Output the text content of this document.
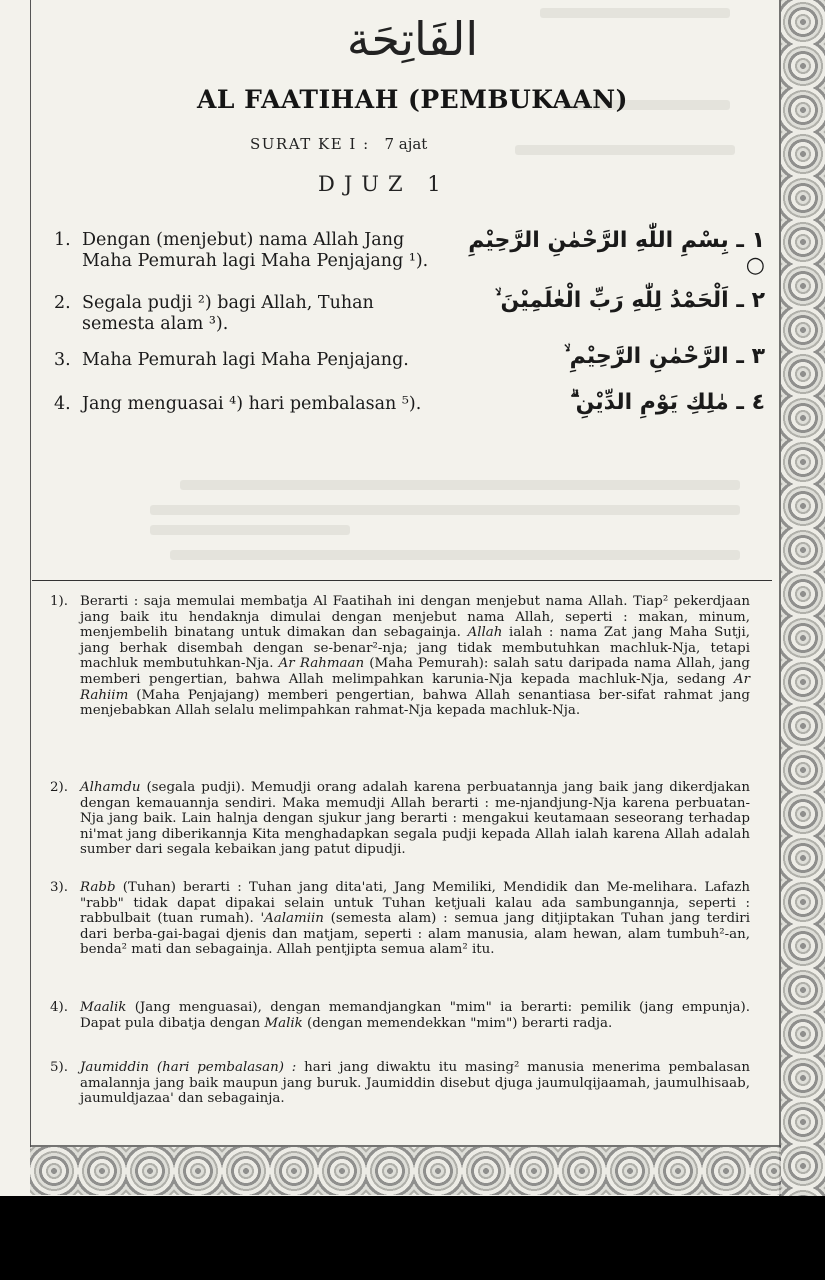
الفَاتِحَة
AL FAATIHAH (PEMBUKAAN)
SURAT KE I : 7 ajat
DJUZ 1
1. Dengan (menjebut) nama Allah Jang Maha Pemurah lagi Maha Penjajang ¹).
١ ـ بِسْمِ اللّٰهِ الرَّحْمٰنِ الرَّحِيْمِ ○
2. Segala pudji ²) bagi Allah, Tuhan semesta alam ³).
٢ ـ اَلْحَمْدُ لِلّٰهِ رَبِّ الْعٰلَمِيْنَ ۙ
3. Maha Pemurah lagi Maha Penjajang.	٣ ـ الرَّحْمٰنِ الرَّحِيْمِ ۙ
4. Jang menguasai ⁴) hari pembalasan ⁵).	٤ ـ مٰلِكِ يَوْمِ الدِّيْنِ ۗ
1). Berarti : saja memulai membatja Al Faatihah ini dengan menjebut nama Allah. Tiap² pekerdjaan jang baik itu hendaknja dimulai dengan menjebut nama Allah, seperti : makan, minum, menjembelih binatang untuk dimakan dan sebagainja. Allah ialah : nama Zat jang Maha Sutji, jang berhak disembah dengan se-benar²-nja; jang tidak membutuhkan machluk-Nja, tetapi machluk membutuhkan-Nja. Ar Rahmaan (Maha Pemurah): salah satu daripada nama Allah, jang memberi pengertian, bahwa Allah melimpahkan karunia-Nja kepada machluk-Nja, sedang Ar Rahiim (Maha Penjajang) memberi pengertian, bahwa Allah senantiasa ber-sifat rahmat jang menjebabkan Allah selalu melimpahkan rahmat-Nja kepada machluk-Nja.
2). Alhamdu (segala pudji). Memudji orang adalah karena perbuatannja jang baik jang dikerdjakan dengan kemauannja sendiri. Maka memudji Allah berarti : me-njandjung-Nja karena perbuatan-Nja jang baik. Lain halnja dengan sjukur jang berarti : mengakui keutamaan seseorang terhadap ni'mat jang diberikannja Kita menghadapkan segala pudji kepada Allah ialah karena Allah adalah sumber dari segala kebaikan jang patut dipudji.
3). Rabb (Tuhan) berarti : Tuhan jang dita'ati, Jang Memiliki, Mendidik dan Me-melihara. Lafazh "rabb" tidak dapat dipakai selain untuk Tuhan ketjuali kalau ada sambungannja, seperti : rabbulbait (tuan rumah). 'Aalamiin (semesta alam) : semua jang ditjiptakan Tuhan jang terdiri dari berba-gai-bagai djenis dan matjam, seperti : alam manusia, alam hewan, alam tumbuh²-an, benda² mati dan sebagainja. Allah pentjipta semua alam² itu.
4). Maalik (Jang menguasai), dengan memandjangkan "mim" ia berarti: pemilik (jang empunja). Dapat pula dibatja dengan Malik (dengan memendekkan "mim") berarti radja.
5). Jaumiddin (hari pembalasan) : hari jang diwaktu itu masing² manusia menerima pembalasan amalannja jang baik maupun jang buruk. Jaumiddin disebut djuga jaumulqijaamah, jaumulhisaab, jaumuldjazaa' dan sebagainja.
